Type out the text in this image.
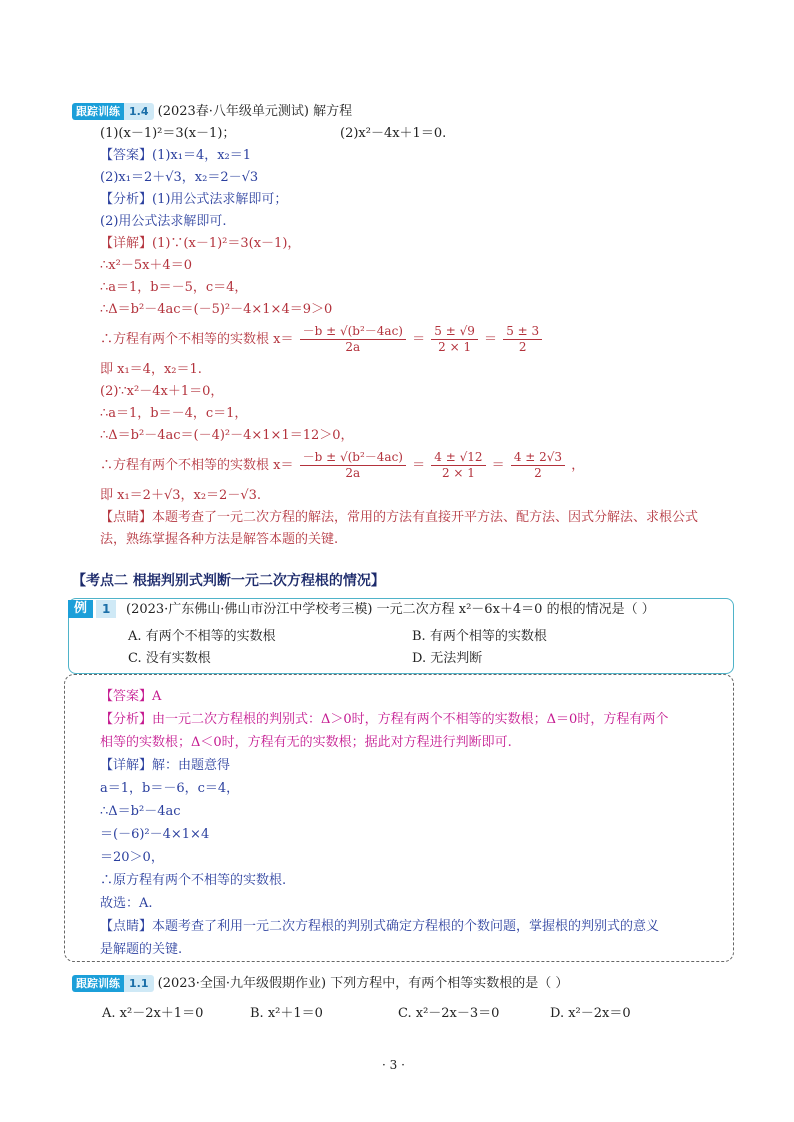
跟踪训练 1.4 (2023春·八年级单元测试) 解方程
(1)(x－1)²＝3(x－1)；	(2)x²－4x＋1＝0.
【答案】(1)x₁＝4，x₂＝1
(2)x₁＝2＋√3，x₂＝2－√3
【分析】(1)用公式法求解即可；
(2)用公式法求解即可.
【详解】(1)∵(x－1)²＝3(x－1)，
∴x²－5x＋4＝0
∴a＝1，b＝－5，c＝4，
∴Δ＝b²－4ac＝(－5)²－4×1×4＝9＞0
∴方程有两个不相等的实数根 $x= \frac{\text{－b ± √(b²－4ac)}}{2a} = \frac{5 \pm √9}{2 \times 1} = \frac{5 \pm 3}{2}$
即 x₁＝4，x₂＝1.
(2)∵x²－4x＋1＝0，
∴a＝1，b＝－4，c＝1，
∴Δ＝b²－4ac＝(－4)²－4×1×1＝12＞0，
∴方程有两个不相等的实数根 $x= \frac{\text{－b ± √(b²－4ac)}}{2a} = \frac{4 \pm √12}{2 \times 1} = \frac{4 \pm 2√3}{2}$ ，
即 x₁＝2＋√3，x₂＝2－√3.
【点睛】本题考查了一元二次方程的解法，常用的方法有直接开平方法、配方法、因式分解法、求根公式
法，熟练掌握各种方法是解答本题的关键.
【考点二 根据判别式判断一元二次方程根的情况】
例	1	(2023·广东佛山·佛山市汾江中学校考三模) 一元二次方程 x²－6x＋4＝0 的根的情况是（ ）
A. 有两个不相等的实数根	B. 有两个相等的实数根
C. 没有实数根	D. 无法判断
【答案】A
【分析】由一元二次方程根的判别式：Δ＞0时，方程有两个不相等的实数根；Δ＝0时，方程有两个
相等的实数根；Δ＜0时，方程有无的实数根；据此对方程进行判断即可.
【详解】解：由题意得
a＝1，b＝－6，c＝4，
∴Δ＝b²－4ac
＝(－6)²－4×1×4
＝20＞0，
∴原方程有两个不相等的实数根.
故选：A.
【点睛】本题考查了利用一元二次方程根的判别式确定方程根的个数问题，掌握根的判别式的意义
是解题的关键.
跟踪训练 1.1 (2023·全国·九年级假期作业) 下列方程中，有两个相等实数根的是（ ）
A. x²－2x＋1＝0	B. x²＋1＝0	C. x²－2x－3＝0	D. x²－2x＝0
· 3 ·
